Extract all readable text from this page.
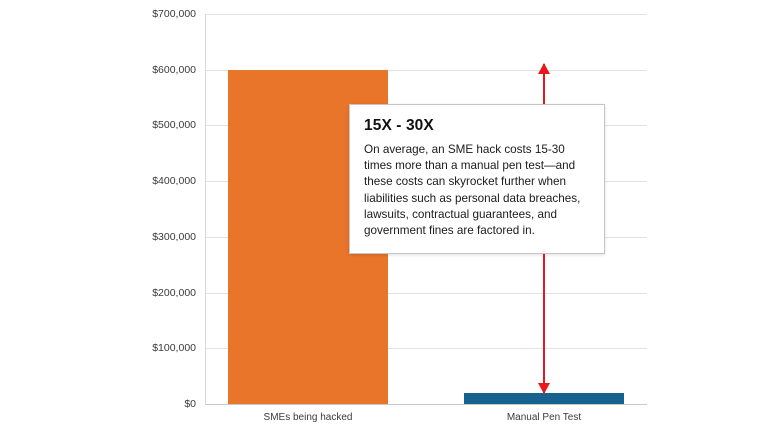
$700,000
$600,000
$500,000
$400,000
$300,000
$200,000
$100,000
$0
SMEs being hacked	Manual Pen Test
15X - 30X
On average, an SME hack costs 15-30 times more than a manual pen test—and these costs can skyrocket further when liabilities such as personal data breaches, lawsuits, contractual guarantees, and government fines are factored in.
